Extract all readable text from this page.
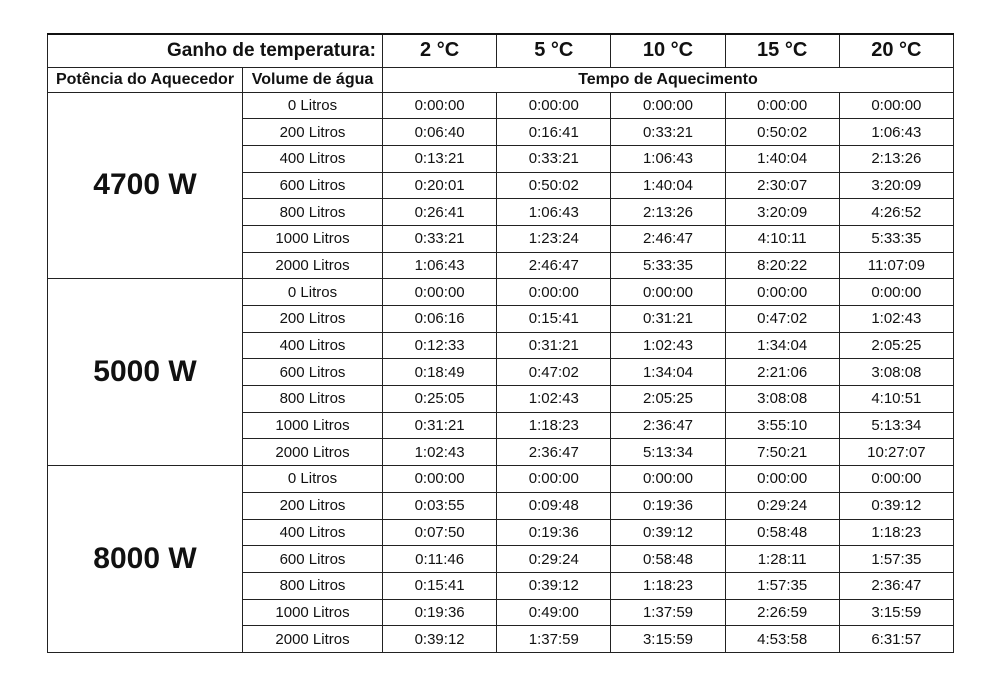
Ganho de temperatura:		2 °C	5 °C	10 °C	15 °C	20 °C
Potência do Aquecedor	Volume de água	Tempo de Aquecimento				
4700 W	0 Litros	0:00:00	0:00:00	0:00:00	0:00:00	0:00:00
	200 Litros	0:06:40	0:16:41	0:33:21	0:50:02	1:06:43
	400 Litros	0:13:21	0:33:21	1:06:43	1:40:04	2:13:26
	600 Litros	0:20:01	0:50:02	1:40:04	2:30:07	3:20:09
	800 Litros	0:26:41	1:06:43	2:13:26	3:20:09	4:26:52
	1000 Litros	0:33:21	1:23:24	2:46:47	4:10:11	5:33:35
	2000 Litros	1:06:43	2:46:47	5:33:35	8:20:22	11:07:09
5000 W	0 Litros	0:00:00	0:00:00	0:00:00	0:00:00	0:00:00
	200 Litros	0:06:16	0:15:41	0:31:21	0:47:02	1:02:43
	400 Litros	0:12:33	0:31:21	1:02:43	1:34:04	2:05:25
	600 Litros	0:18:49	0:47:02	1:34:04	2:21:06	3:08:08
	800 Litros	0:25:05	1:02:43	2:05:25	3:08:08	4:10:51
	1000 Litros	0:31:21	1:18:23	2:36:47	3:55:10	5:13:34
	2000 Litros	1:02:43	2:36:47	5:13:34	7:50:21	10:27:07
8000 W	0 Litros	0:00:00	0:00:00	0:00:00	0:00:00	0:00:00
	200 Litros	0:03:55	0:09:48	0:19:36	0:29:24	0:39:12
	400 Litros	0:07:50	0:19:36	0:39:12	0:58:48	1:18:23
	600 Litros	0:11:46	0:29:24	0:58:48	1:28:11	1:57:35
	800 Litros	0:15:41	0:39:12	1:18:23	1:57:35	2:36:47
	1000 Litros	0:19:36	0:49:00	1:37:59	2:26:59	3:15:59
	2000 Litros	0:39:12	1:37:59	3:15:59	4:53:58	6:31:57
